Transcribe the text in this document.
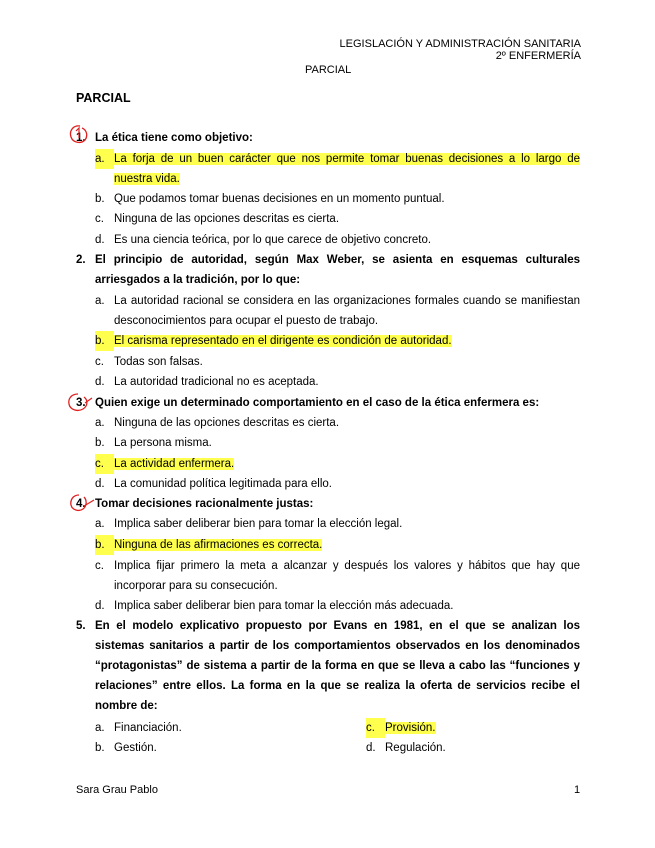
LEGISLACIÓN Y ADMINISTRACIÓN SANITARIA
2º ENFERMERÍA
PARCIAL
PARCIAL
1. La ética tiene como objetivo:
a. La forja de un buen carácter que nos permite tomar buenas decisiones a lo largo de nuestra vida.
b. Que podamos tomar buenas decisiones en un momento puntual.
c. Ninguna de las opciones descritas es cierta.
d. Es una ciencia teórica, por lo que carece de objetivo concreto.
2. El principio de autoridad, según Max Weber, se asienta en esquemas culturales arriesgados a la tradición, por lo que:
a. La autoridad racional se considera en las organizaciones formales cuando se manifiestan desconocimientos para ocupar el puesto de trabajo.
b. El carisma representado en el dirigente es condición de autoridad.
c. Todas son falsas.
d. La autoridad tradicional no es aceptada.
3. Quien exige un determinado comportamiento en el caso de la ética enfermera es:
a. Ninguna de las opciones descritas es cierta.
b. La persona misma.
c. La actividad enfermera.
d. La comunidad política legitimada para ello.
4. Tomar decisiones racionalmente justas:
a. Implica saber deliberar bien para tomar la elección legal.
b. Ninguna de las afirmaciones es correcta.
c. Implica fijar primero la meta a alcanzar y después los valores y hábitos que hay que incorporar para su consecución.
d. Implica saber deliberar bien para tomar la elección más adecuada.
5. En el modelo explicativo propuesto por Evans en 1981, en el que se analizan los sistemas sanitarios a partir de los comportamientos observados en los denominados “protagonistas” de sistema a partir de la forma en que se lleva a cabo las “funciones y relaciones” entre ellos. La forma en la que se realiza la oferta de servicios recibe el nombre de:
a. Financiación.
b. Gestión.
c. Provisión.
d. Regulación.
Sara Grau Pablo	1
